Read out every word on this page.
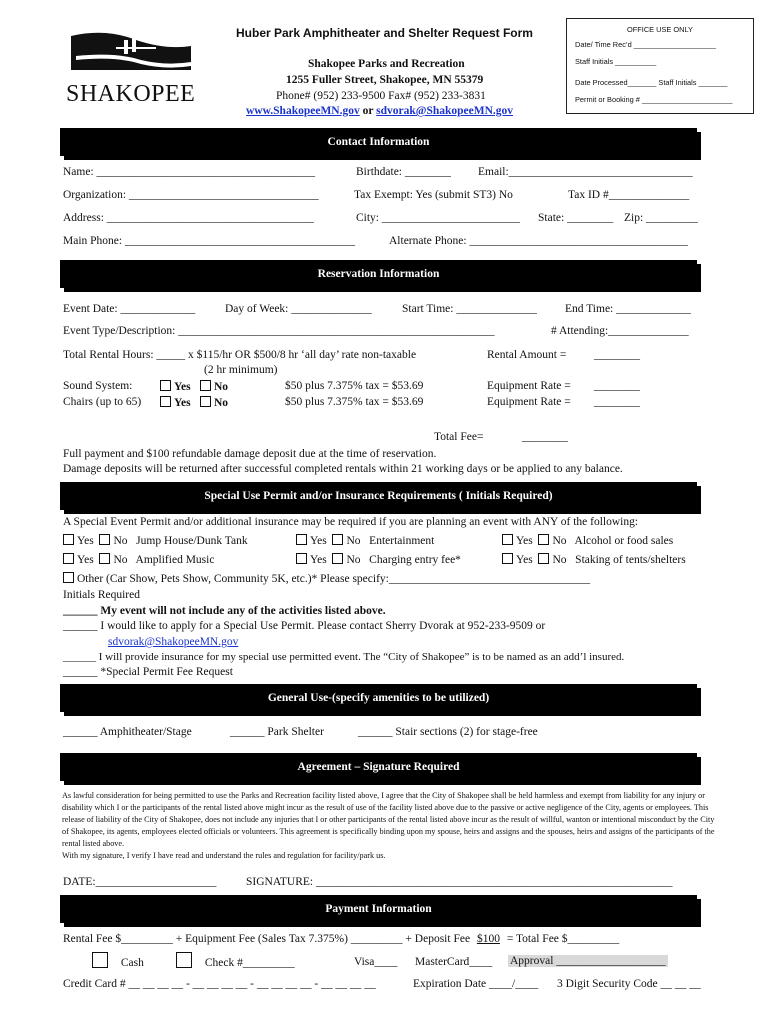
SHAKOPEE
Huber Park Amphitheater and Shelter Request Form
Shakopee Parks and Recreation
1255 Fuller Street, Shakopee, MN 55379
Phone# (952) 233-9500 Fax# (952) 233-3831
www.ShakopeeMN.gov or sdvorak@ShakopeeMN.gov
OFFICE USE ONLY
Date/ Time Rec’d ____________________
Staff Initials __________
Date Processed_______ Staff Initials _______
Permit or Booking # ______________________
Contact Information
Name: ______________________________________	Birthdate: ________ Email:________________________________
Organization: _________________________________	Tax Exempt: Yes (submit ST3) No	Tax ID #______________
Address: ____________________________________	City: ________________________ State: ________ Zip: _________
Main Phone: ________________________________________	Alternate Phone: ______________________________________
Reservation Information
Event Date: _____________	Day of Week: ______________	Start Time: ______________ End Time: _____________
Event Type/Description: _______________________________________________________	# Attending:______________
Total Rental Hours: _____ x $115/hr OR $500/8 hr ‘all day’ rate non-taxable
(2 hr minimum)
Rental Amount = ________
Sound System:	Yes	No	$50 plus 7.375% tax = $53.69	Equipment Rate = ________
Chairs (up to 65)	Yes	No	$50 plus 7.375% tax = $53.69	Equipment Rate = ________
Total Fee=	________
Full payment and $100 refundable damage deposit due at the time of reservation.
Damage deposits will be returned after successful completed rentals within 21 working days or be applied to any balance.
Special Use Permit and/or Insurance Requirements ( Initials Required)
A Special Event Permit and/or additional insurance may be required if you are planning an event with ANY of the following:
Yes No Jump House/Dunk Tank	Yes No Entertainment	Yes No Alcohol or food sales
Yes No Amplified Music	Yes No Charging entry fee*	Yes No Staking of tents/shelters
Other (Car Show, Pets Show, Community 5K, etc.)* Please specify:___________________________________
Initials Required
______ My event will not include any of the activities listed above.
______ I would like to apply for a Special Use Permit. Please contact Sherry Dvorak at 952-233-9509 or
sdvorak@ShakopeeMN.gov
______ I will provide insurance for my special use permitted event. The “City of Shakopee” is to be named as an add’l insured.
______ *Special Permit Fee Request
General Use-(specify amenities to be utilized)
______ Amphitheater/Stage	______ Park Shelter	______ Stair sections (2) for stage-free
Agreement – Signature Required
As lawful consideration for being permitted to use the Parks and Recreation facility listed above, I agree that the City of Shakopee shall be held harmless and exempt from liability for any injury or disability which I or the participants of the rental listed above might incur as the result of use of the facility listed above due to the passive or active negligence of the City, agents or employees. This release of liability of the City of Shakopee, does not include any injuries that I or other participants of the rental listed above incur as the result of willful, wanton or intentional misconduct by the City of Shakopee, its agents, employees elected officials or volunteers. This agreement is specifically binding upon my spouse, heirs and assigns and the spouses, heirs and assigns of the participants of the rental listed above.
With my signature, I verify I have read and understand the rules and regulation for facility/park us.
DATE:_____________________	SIGNATURE: ______________________________________________________________
Payment Information
Rental Fee $_________ + Equipment Fee (Sales Tax 7.375%) _________ + Deposit Fee $100 = Total Fee $_________
Cash	Check #_________	Visa____ MasterCard____ Approval ___________________
Credit Card # __ __ __ __ - __ __ __ __ - __ __ __ __ - __ __ __ __	Expiration Date ____/____ 3 Digit Security Code __ __ __
